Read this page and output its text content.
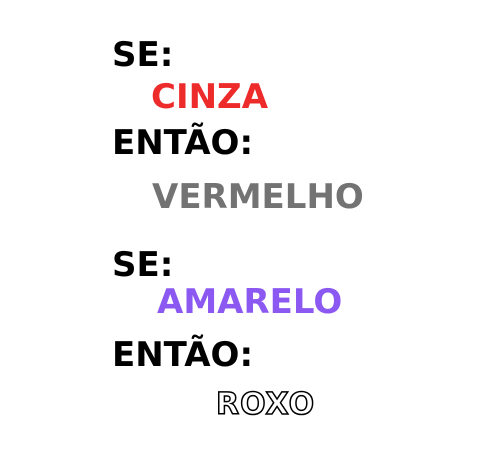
SE:
CINZA
ENTÃO:
VERMELHO
SE:
AMARELO
ENTÃO:
ROXO
